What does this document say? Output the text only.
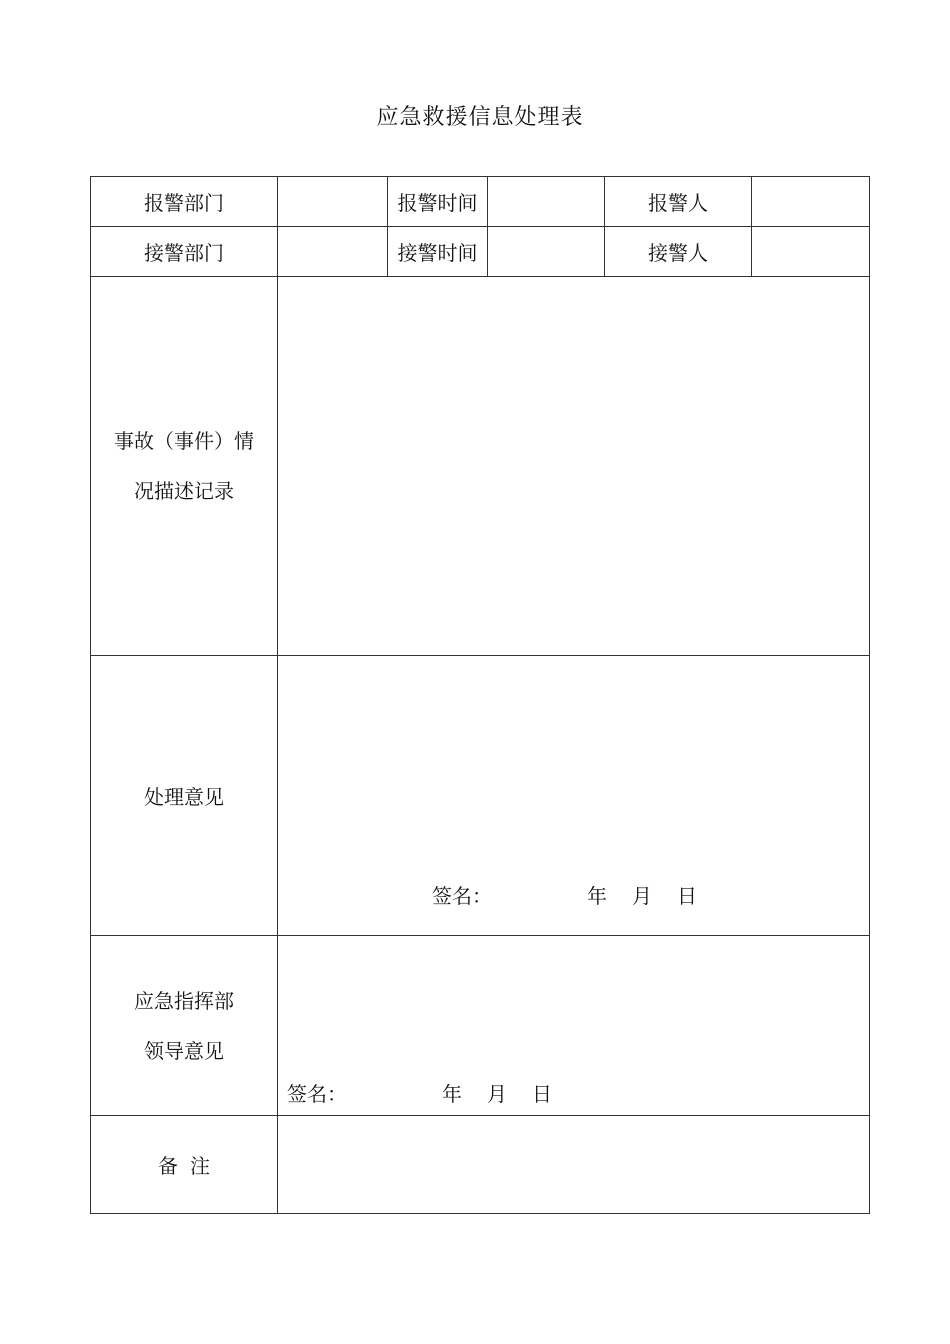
应急救援信息处理表
报警部门		报警时间		报警人	
接警部门		接警时间		接警人	

事故（事件）情
况描述记录					

处理意见	签名： 年 月 日				

应急指挥部
领导意见	签名： 年 月 日				

备 注					
